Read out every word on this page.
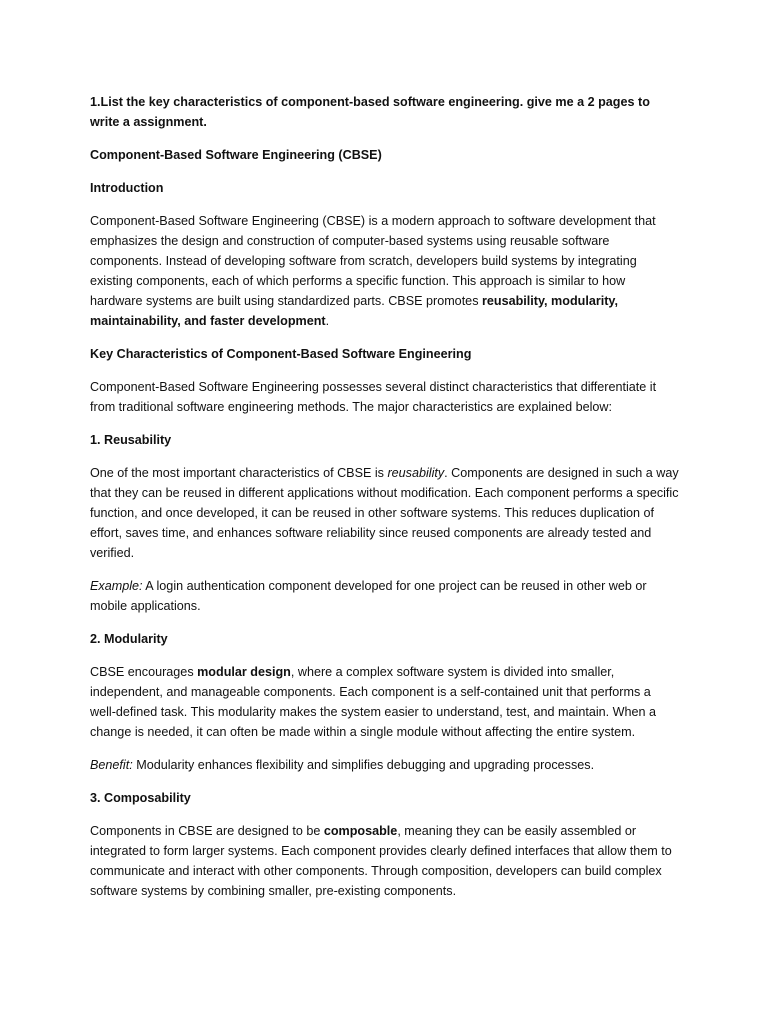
1.List the key characteristics of component-based software engineering. give me a 2 pages to write a assignment.

Component-Based Software Engineering (CBSE)

Introduction

Component-Based Software Engineering (CBSE) is a modern approach to software development that emphasizes the design and construction of computer-based systems using reusable software components. Instead of developing software from scratch, developers build systems by integrating existing components, each of which performs a specific function. This approach is similar to how hardware systems are built using standardized parts. CBSE promotes reusability, modularity, maintainability, and faster development.

Key Characteristics of Component-Based Software Engineering

Component-Based Software Engineering possesses several distinct characteristics that differentiate it from traditional software engineering methods. The major characteristics are explained below:

1. Reusability

One of the most important characteristics of CBSE is reusability. Components are designed in such a way that they can be reused in different applications without modification. Each component performs a specific function, and once developed, it can be reused in other software systems. This reduces duplication of effort, saves time, and enhances software reliability since reused components are already tested and verified.

Example: A login authentication component developed for one project can be reused in other web or mobile applications.

2. Modularity

CBSE encourages modular design, where a complex software system is divided into smaller, independent, and manageable components. Each component is a self-contained unit that performs a well-defined task. This modularity makes the system easier to understand, test, and maintain. When a change is needed, it can often be made within a single module without affecting the entire system.

Benefit: Modularity enhances flexibility and simplifies debugging and upgrading processes.

3. Composability

Components in CBSE are designed to be composable, meaning they can be easily assembled or integrated to form larger systems. Each component provides clearly defined interfaces that allow them to communicate and interact with other components. Through composition, developers can build complex software systems by combining smaller, pre-existing components.
